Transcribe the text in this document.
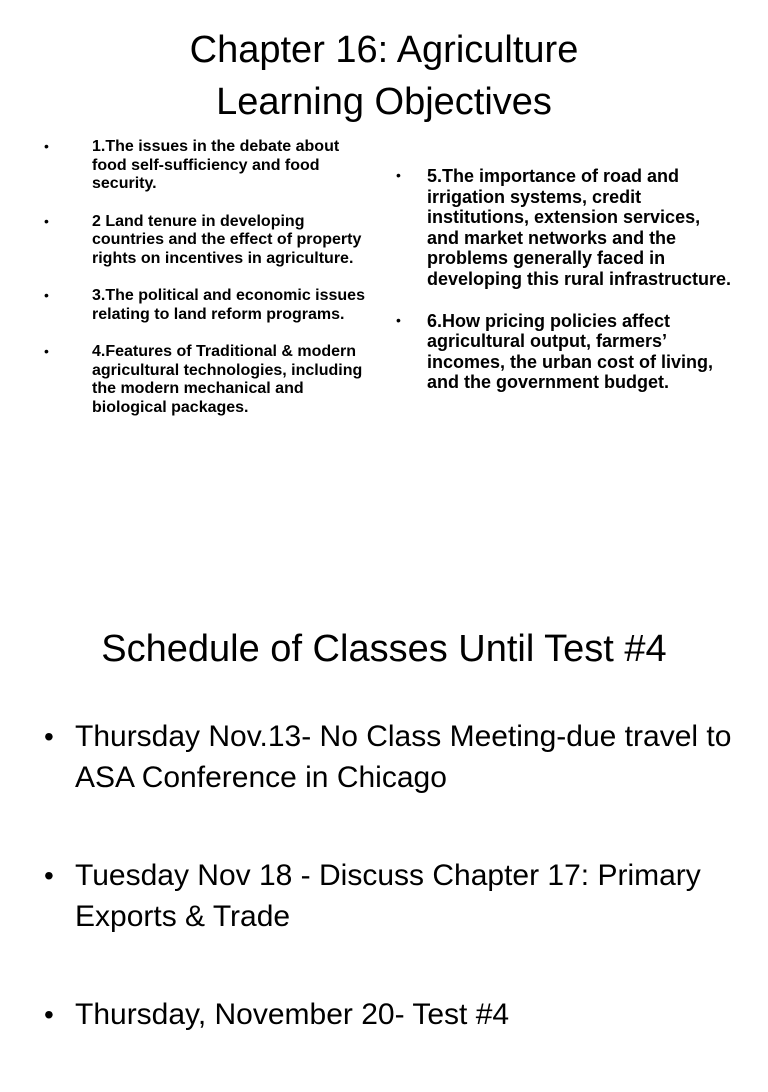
Chapter 16: Agriculture
Learning Objectives
•	1.The issues in the debate about food self-sufficiency and food security.
•	2 Land tenure in developing countries and the effect of property rights on incentives in agriculture.
•	3.The political and economic issues relating to land reform programs.
•	4.Features of Traditional & modern agricultural technologies, including the modern mechanical and biological packages.
• 5.The importance of road and irrigation systems, credit institutions, extension services, and market networks and the problems generally faced in developing this rural infrastructure.
• 6.How pricing policies affect agricultural output, farmers’ incomes, the urban cost of living, and the government budget.
Schedule of Classes Until Test #4
• Thursday Nov.13- No Class Meeting-due travel to ASA Conference in Chicago
• Tuesday Nov 18 - Discuss Chapter 17: Primary Exports & Trade
• Thursday, November 20- Test #4
